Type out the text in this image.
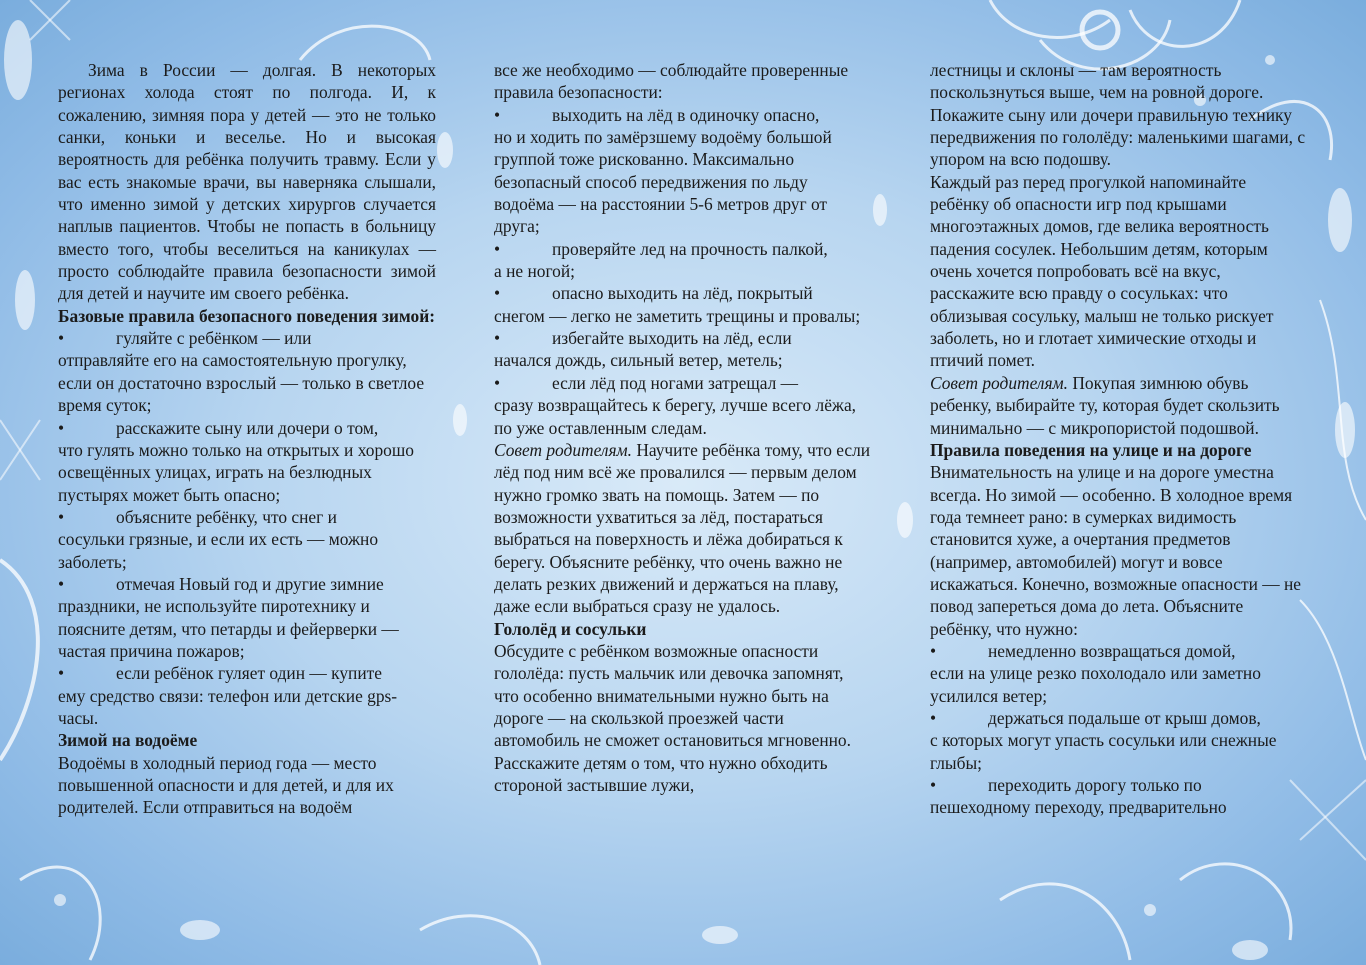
Зима в России — долгая. В некоторых регионах холода стоят по полгода. И, к сожалению, зимняя пора у детей — это не только санки, коньки и веселье. Но и высокая вероятность для ребёнка получить травму. Если у вас есть знакомые врачи, вы наверняка слышали, что именно зимой у детских хирургов случается наплыв пациентов. Чтобы не попасть в больницу вместо того, чтобы веселиться на каникулах — просто соблюдайте правила безопасности зимой для детей и научите им своего ребёнка.

Базовые правила безопасного поведения зимой:

•	гуляйте с ребёнком — или

отправляйте его на самостоятельную прогулку, если он достаточно взрослый — только в светлое время суток;

•	расскажите сыну или дочери о том,

что гулять можно только на открытых и хорошо освещённых улицах, играть на безлюдных пустырях может быть опасно;

•	объясните ребёнку, что снег и

сосульки грязные, и если их есть — можно заболеть;

•	отмечая Новый год и другие зимние

праздники, не используйте пиротехнику и поясните детям, что петарды и фейерверки — частая причина пожаров;

•	если ребёнок гуляет один — купите

ему средство связи: телефон или детские gps-часы.

Зимой на водоёме

Водоёмы в холодный период года — место повышенной опасности и для детей, и для их родителей. Если отправиться на водоём

все же необходимо — соблюдайте проверенные правила безопасности:

•	выходить на лёд в одиночку опасно,

но и ходить по замёрзшему водоёму большой группой тоже рискованно. Максимально безопасный способ передвижения по льду водоёма — на расстоянии 5-6 метров друг от друга;

•	проверяйте лед на прочность палкой,

а не ногой;

•	опасно выходить на лёд, покрытый

снегом — легко не заметить трещины и провалы;

•	избегайте выходить на лёд, если

начался дождь, сильный ветер, метель;

•	если лёд под ногами затрещал —

сразу возвращайтесь к берегу, лучше всего лёжа, по уже оставленным следам.

Совет родителям. Научите ребёнка тому, что если лёд под ним всё же провалился — первым делом нужно громко звать на помощь. Затем — по возможности ухватиться за лёд, постараться выбраться на поверхность и лёжа добираться к берегу. Объясните ребёнку, что очень важно не делать резких движений и держаться на плаву, даже если выбраться сразу не удалось.

Гололёд и сосульки

Обсудите с ребёнком возможные опасности гололёда: пусть мальчик или девочка запомнят, что особенно внимательными нужно быть на дороге — на скользкой проезжей части автомобиль не сможет остановиться мгновенно.

Расскажите детям о том, что нужно обходить стороной застывшие лужи,

лестницы и склоны — там вероятность поскользнуться выше, чем на ровной дороге. Покажите сыну или дочери правильную технику передвижения по гололёду: маленькими шагами, с упором на всю подошву.

Каждый раз перед прогулкой напоминайте ребёнку об опасности игр под крышами многоэтажных домов, где велика вероятность падения сосулек. Небольшим детям, которым очень хочется попробовать всё на вкус, расскажите всю правду о сосульках: что облизывая сосульку, малыш не только рискует заболеть, но и глотает химические отходы и птичий помет.

Совет родителям. Покупая зимнюю обувь ребенку, выбирайте ту, которая будет скользить минимально — с микропористой подошвой.

Правила поведения на улице и на дороге

Внимательность на улице и на дороге уместна всегда. Но зимой — особенно. В холодное время года темнеет рано: в сумерках видимость становится хуже, а очертания предметов (например, автомобилей) могут и вовсе искажаться. Конечно, возможные опасности — не повод запереться дома до лета. Объясните ребёнку, что нужно:

•	немедленно возвращаться домой,

если на улице резко похолодало или заметно усилился ветер;

•	держаться подальше от крыш домов,

с которых могут упасть сосульки или снежные глыбы;

•	переходить дорогу только по

пешеходному переходу, предварительно
